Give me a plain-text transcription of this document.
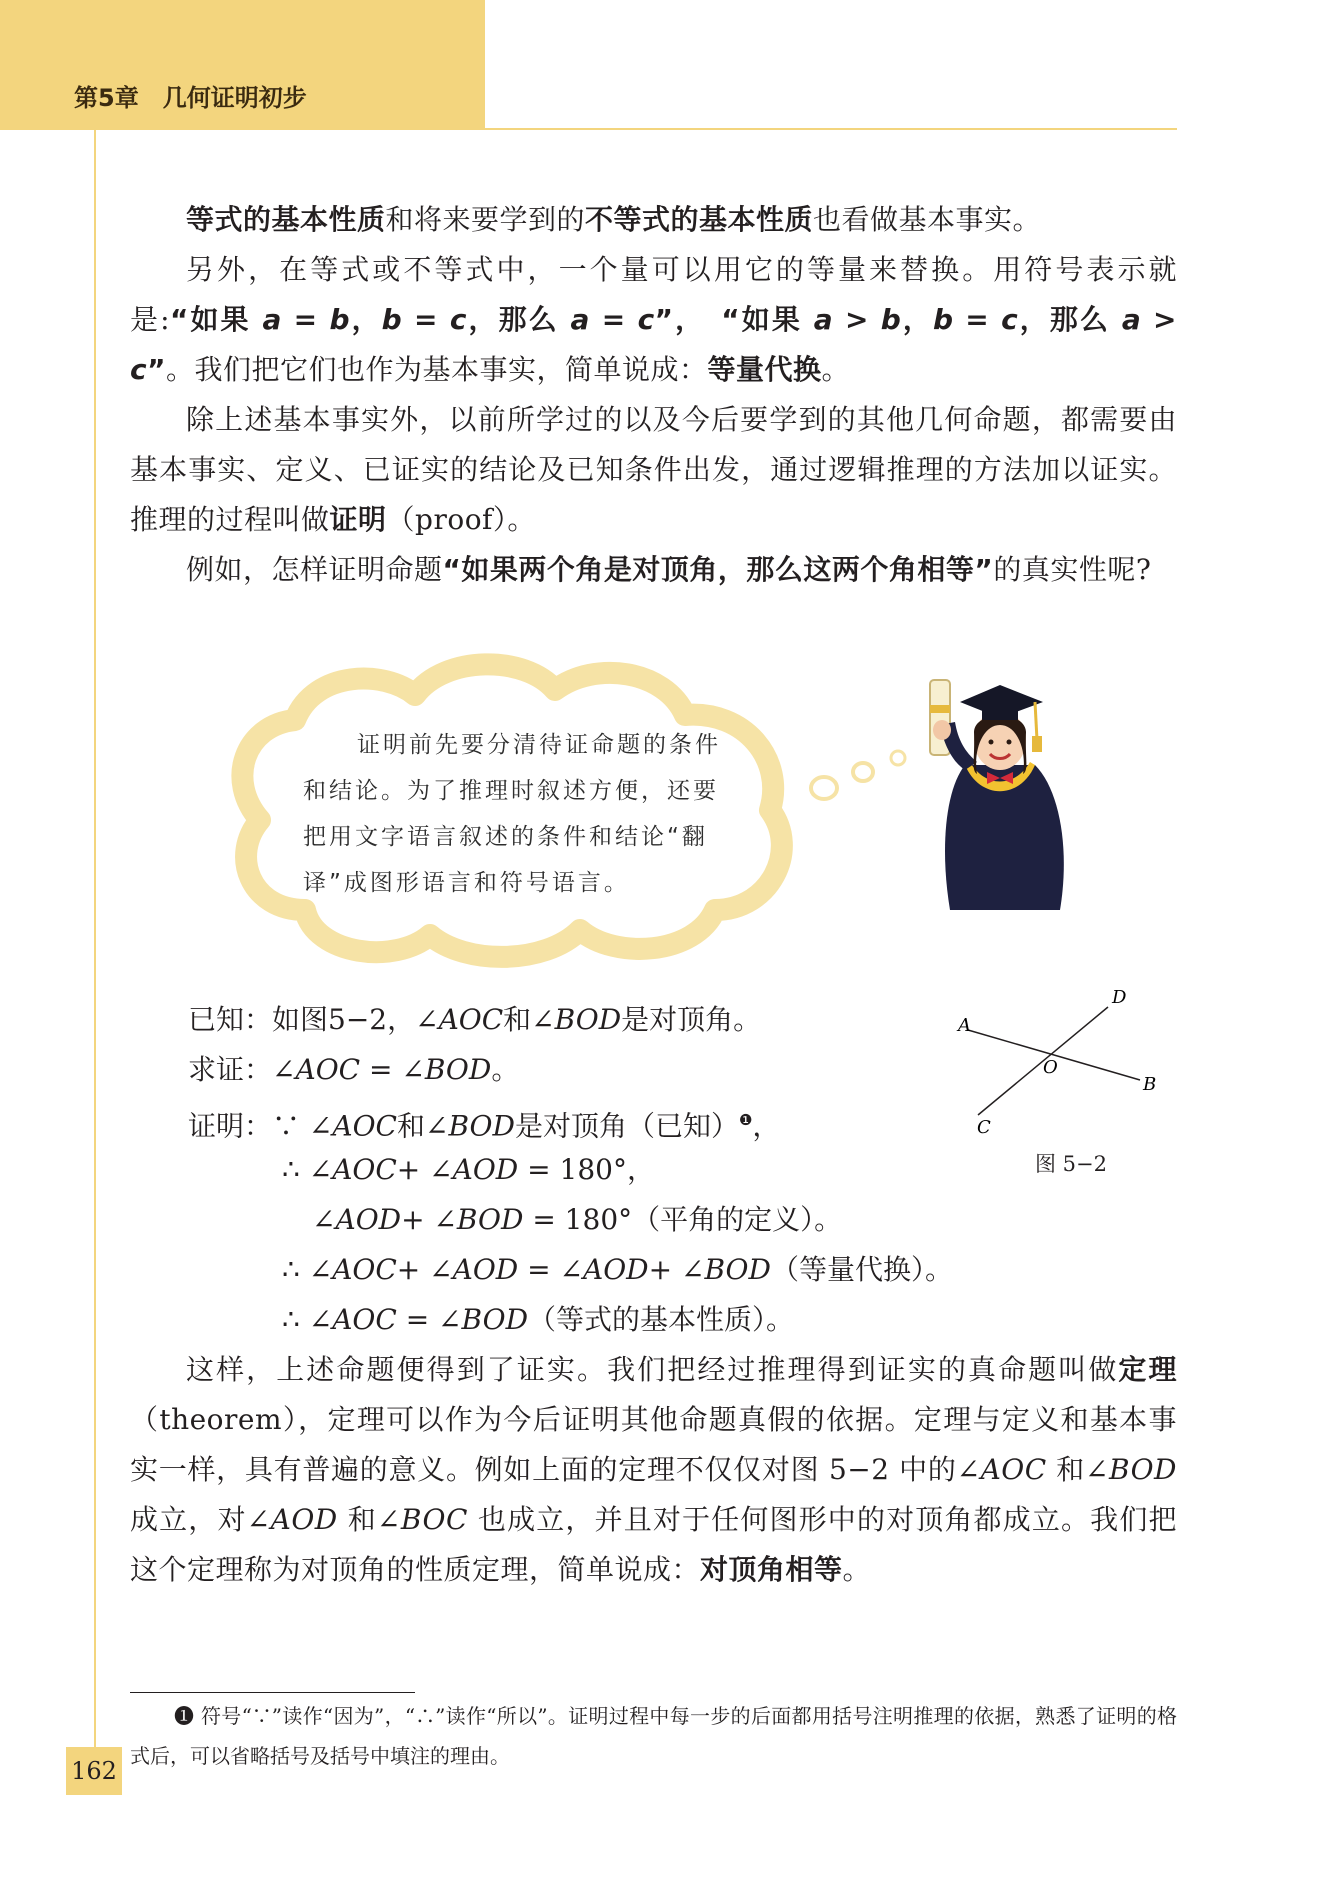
第5章　 几何证明初步

等式的基本性质和将来要学到的不等式的基本性质也看做基本事实。

另外，在等式或不等式中，一个量可以用它的等量来替换。用符号表示就是:“如果 a = b，b = c，那么 a = c”，　“如果 a > b，b = c，那么 a > c”。我们把它们也作为基本事实，简单说成：等量代换。

除上述基本事实外，以前所学过的以及今后要学到的其他几何命题，都需要由基本事实、定义、已证实的结论及已知条件出发，通过逻辑推理的方法加以证实。推理的过程叫做证明（proof）。

例如，怎样证明命题“如果两个角是对顶角，那么这两个角相等”的真实性呢?

证明前先要分清待证命题的条件和结论。为了推理时叙述方便，还要把用文字语言叙述的条件和结论“翻译”成图形语言和符号语言。

A
B
C
D
O
图 5−2

已知：如图5−2，∠AOC和∠BOD是对顶角。

求证：∠AOC = ∠BOD。

证明：∵ ∠AOC和∠BOD是对顶角（已知）$^❶$，

∴ ∠AOC+ ∠AOD = 180°，

∠AOD+ ∠BOD = 180°（平角的定义）。

∴ ∠AOC+ ∠AOD = ∠AOD+ ∠BOD（等量代换）。

∴ ∠AOC = ∠BOD（等式的基本性质）。

这样，上述命题便得到了证实。我们把经过推理得到证实的真命题叫做定理（theorem），定理可以作为今后证明其他命题真假的依据。定理与定义和基本事实一样，具有普遍的意义。例如上面的定理不仅仅对图 5−2 中的∠AOC 和∠BOD 成立，对∠AOD 和∠BOC 也成立，并且对于任何图形中的对顶角都成立。我们把这个定理称为对顶角的性质定理，简单说成：对顶角相等。

❶ 符号“∵”读作“因为”，“∴”读作“所以”。证明过程中每一步的后面都用括号注明推理的依据，熟悉了证明的格式后，可以省略括号及括号中填注的理由。

162
